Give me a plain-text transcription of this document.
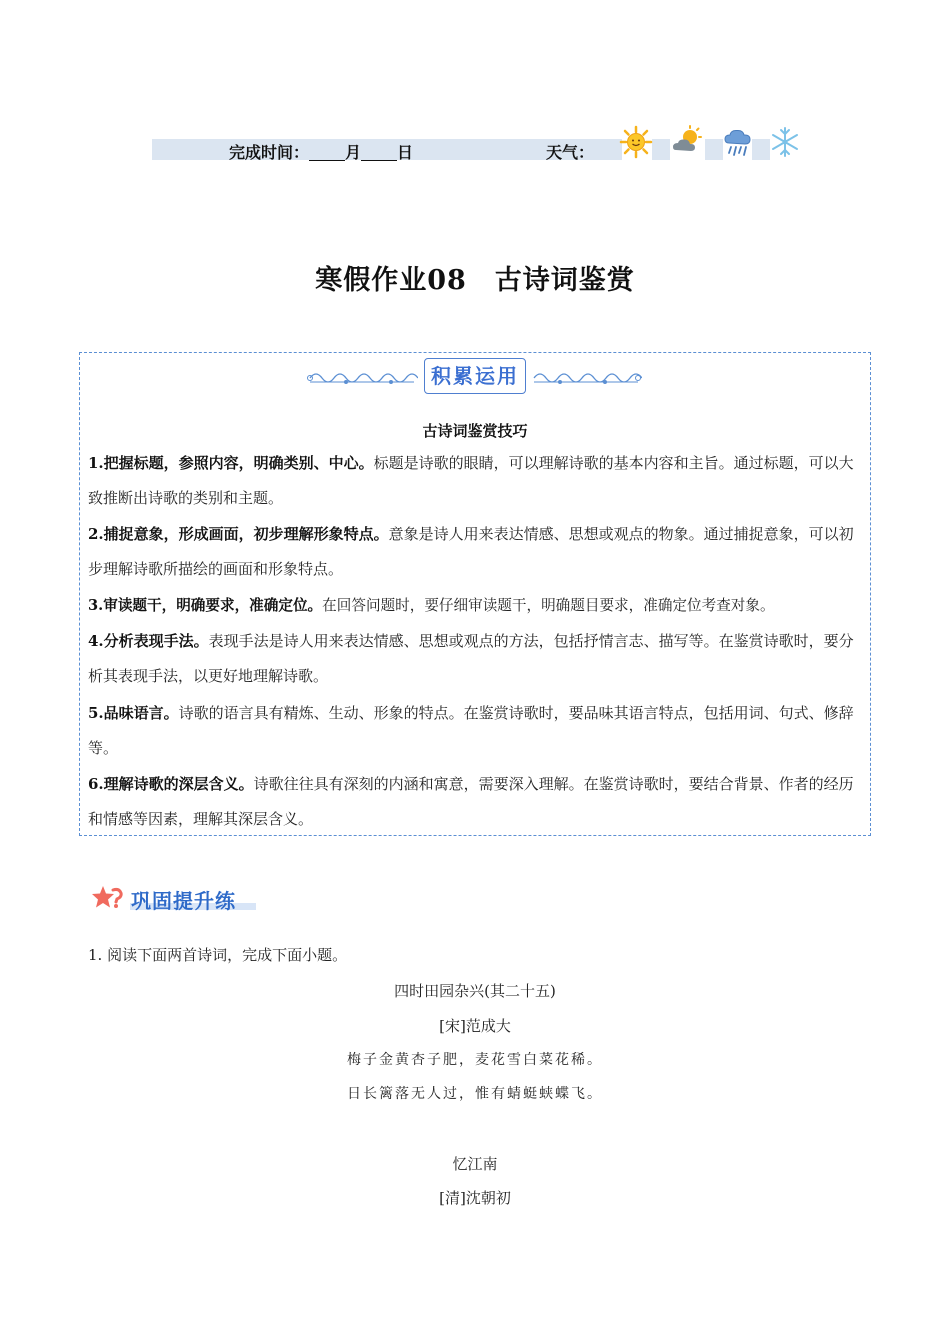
完成时间： 月 日	天气：
寒假作业08　古诗词鉴赏
积累运用
古诗词鉴赏技巧
1.把握标题，参照内容，明确类别、中心。标题是诗歌的眼睛，可以理解诗歌的基本内容和主旨。通过标题，可以大致推断出诗歌的类别和主题。
2.捕捉意象，形成画面，初步理解形象特点。意象是诗人用来表达情感、思想或观点的物象。通过捕捉意象，可以初步理解诗歌所描绘的画面和形象特点。
3.审读题干，明确要求，准确定位。在回答问题时，要仔细审读题干，明确题目要求，准确定位考查对象。
4.分析表现手法。表现手法是诗人用来表达情感、思想或观点的方法，包括抒情言志、描写等。在鉴赏诗歌时，要分析其表现手法，以更好地理解诗歌。
5.品味语言。诗歌的语言具有精炼、生动、形象的特点。在鉴赏诗歌时，要品味其语言特点，包括用词、句式、修辞等。
6.理解诗歌的深层含义。诗歌往往具有深刻的内涵和寓意，需要深入理解。在鉴赏诗歌时，要结合背景、作者的经历和情感等因素，理解其深层含义。
巩固提升练
1. 阅读下面两首诗词，完成下面小题。
四时田园杂兴(其二十五)
[宋]范成大
梅子金黄杏子肥，麦花雪白菜花稀。
日长篱落无人过，惟有蜻蜓蛱蝶飞。
忆江南
[清]沈朝初
